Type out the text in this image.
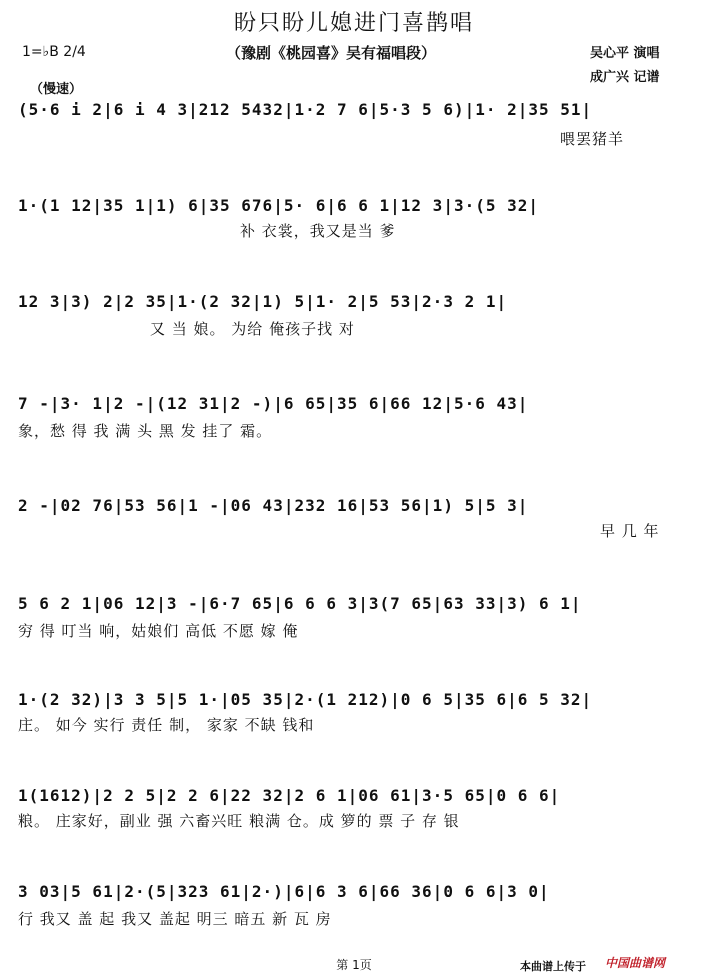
盼只盼儿媳进门喜鹊唱
1=♭B 2/4	（豫剧《桃园喜》吴有福唱段）	吴心平 演唱
成广兴 记谱
（慢速）
(5·6 i 2|6 i 4 3|212 5432|1·2 7 6|5·3 5 6)|1· 2|35 51|
喂罢猪羊
1·(1 12|35 1|1) 6|35 676|5· 6|6 6 1|12 3|3·(5 32|
补 衣裳，我又是当 爹
12 3|3) 2|2 35|1·(2 32|1) 5|1· 2|5 53|2·3 2 1|
又 当 娘。 为给 俺孩子找 对
7 -|3· 1|2 -|(12 31|2 -)|6 65|35 6|66 12|5·6 43|
象，愁 得 我 满 头 黑 发 挂了 霜。
2 -|02 76|53 56|1 -|06 43|232 16|53 56|1) 5|5 3|
早 几 年
5 6 2 1|06 12|3 -|6·7 65|6 6 6 3|3(7 65|63 33|3) 6 1|
穷 得 叮当 响，姑娘们 高低 不愿 嫁 俺
1·(2 32)|3 3 5|5 1·|05 35|2·(1 212)|0 6 5|35 6|6 5 32|
庄。 如今 实行 责任 制， 家家 不缺 钱和
1(1612)|2 2 5|2 2 6|22 32|2 6 1|06 61|3·5 65|0 6 6|
粮。 庄家好，副业 强 六畜兴旺 粮满 仓。成 箩的 票 子 存 银
3 03|5 61|2·(5|323 61|2·)|6|6 3 6|66 36|0 6 6|3 0|
行 我又 盖 起 我又 盖起 明三 暗五 新 瓦 房
第 1页	本曲谱上传于 中国曲谱网
